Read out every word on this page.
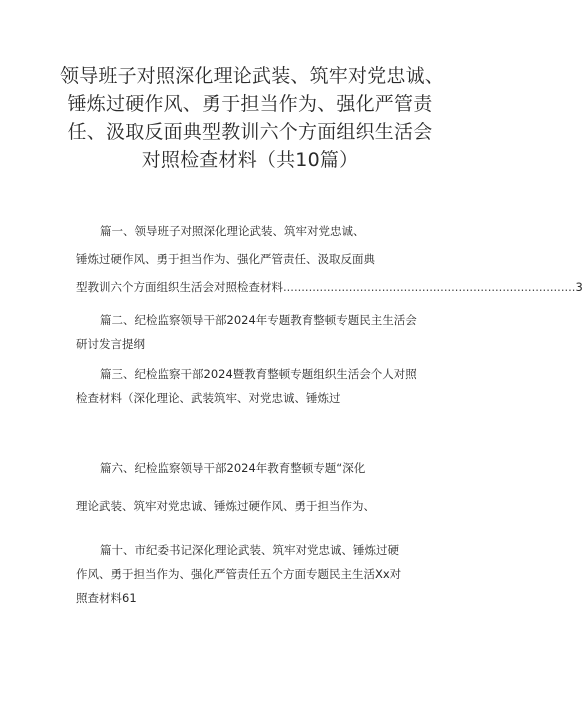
领导班子对照深化理论武装、筑牢对党忠诚、
锤炼过硬作风、勇于担当作为、强化严管责
任、汲取反面典型教训六个方面组织生活会
对照检查材料（共10篇）
篇一、领导班子对照深化理论武装、筑牢对党忠诚、
锤炼过硬作风、勇于担当作为、强化严管责任、汲取反面典
型教训六个方面组织生活会对照检查材料 ................................................................................ 3
篇二、纪检监察领导干部2024年专题教育整顿专题民主生活会
研讨发言提纲
篇三、纪检监察干部2024暨教育整顿专题组织生活会个人对照
检查材料（深化理论、武装筑牢、对党忠诚、锤炼过
篇六、纪检监察领导干部2024年教育整顿专题“深化
理论武装、筑牢对党忠诚、锤炼过硬作风、勇于担当作为、
篇十、市纪委书记深化理论武装、筑牢对党忠诚、锤炼过硬
作风、勇于担当作为、强化严管责任五个方面专题民主生活Xx对
照查材料61
